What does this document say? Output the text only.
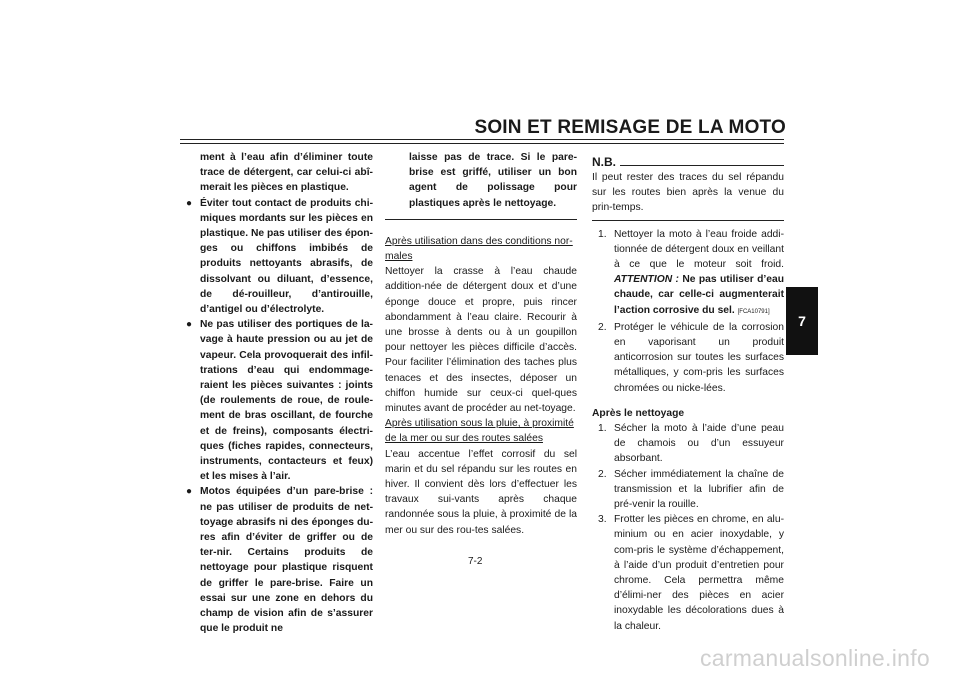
SOIN ET REMISAGE DE LA MOTO

ment à l’eau afin d’éliminer toute trace de détergent, car celui-ci abî-merait les pièces en plastique.

● Éviter tout contact de produits chi-miques mordants sur les pièces en plastique. Ne pas utiliser des épon-ges ou chiffons imbibés de produits nettoyants abrasifs, de dissolvant ou diluant, d’essence, de dé-rouilleur, d’antirouille, d’antigel ou d’électrolyte.
● Ne pas utiliser des portiques de la-vage à haute pression ou au jet de vapeur. Cela provoquerait des infil-trations d’eau qui endommage-raient les pièces suivantes : joints (de roulements de roue, de roule-ment de bras oscillant, de fourche et de freins), composants électri-ques (fiches rapides, connecteurs, instruments, contacteurs et feux) et les mises à l’air.
● Motos équipées d’un pare-brise : ne pas utiliser de produits de net-toyage abrasifs ni des éponges du-res afin d’éviter de griffer ou de ter-nir. Certains produits de nettoyage pour plastique risquent de griffer le pare-brise. Faire un essai sur une zone en dehors du champ de vision afin de s’assurer que le produit ne

laisse pas de trace. Si le pare-brise est griffé, utiliser un bon agent de polissage pour plastiques après le nettoyage.

Après utilisation dans des conditions nor-males

Nettoyer la crasse à l’eau chaude addition-née de détergent doux et d’une éponge douce et propre, puis rincer abondamment à l’eau claire. Recourir à une brosse à dents ou à un goupillon pour nettoyer les pièces difficile d’accès. Pour faciliter l’élimination des taches plus tenaces et des insectes, déposer un chiffon humide sur ceux-ci quel-ques minutes avant de procéder au net-toyage.

Après utilisation sous la pluie, à proximité de la mer ou sur des routes salées

L’eau accentue l’effet corrosif du sel marin et du sel répandu sur les routes en hiver. Il convient dès lors d’effectuer les travaux sui-vants après chaque randonnée sous la pluie, à proximité de la mer ou sur des rou-tes salées.

N.B.

Il peut rester des traces du sel répandu sur les routes bien après la venue du prin-temps.

1. Nettoyer la moto à l’eau froide addi-tionnée de détergent doux en veillant à ce que le moteur soit froid. ATTENTION : Ne pas utiliser d’eau chaude, car celle-ci augmenterait l’action corrosive du sel. [FCA10791]
2. Protéger le véhicule de la corrosion en vaporisant un produit anticorrosion sur toutes les surfaces métalliques, y com-pris les surfaces chromées ou nicke-lées.

Après le nettoyage

1. Sécher la moto à l’aide d’une peau de chamois ou d’un essuyeur absorbant.
2. Sécher immédiatement la chaîne de transmission et la lubrifier afin de pré-venir la rouille.
3. Frotter les pièces en chrome, en alu-minium ou en acier inoxydable, y com-pris le système d’échappement, à l’aide d’un produit d’entretien pour chrome. Cela permettra même d’élimi-ner des pièces en acier inoxydable les décolorations dues à la chaleur.
7
7-2
carmanualsonline.info
